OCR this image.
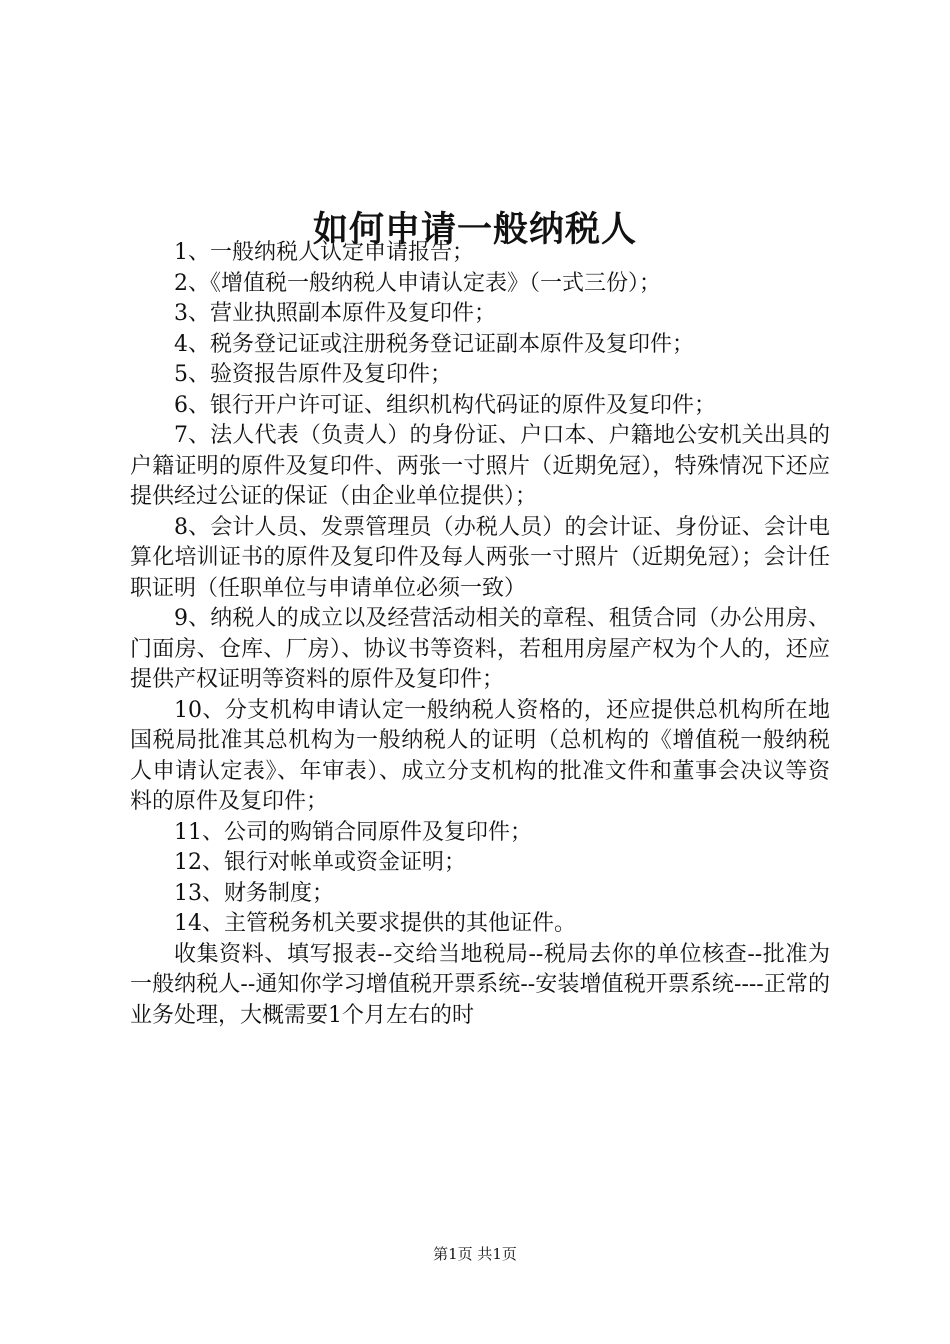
如何申请一般纳税人

1、一般纳税人认定申请报告；

2、《增值税一般纳税人申请认定表》（一式三份）；

3、营业执照副本原件及复印件；

4、税务登记证或注册税务登记证副本原件及复印件；

5、验资报告原件及复印件；

6、银行开户许可证、组织机构代码证的原件及复印件；

7、法人代表（负责人）的身份证、户口本、户籍地公安机关出具的户籍证明的原件及复印件、两张一寸照片（近期免冠），特殊情况下还应提供经过公证的保证（由企业单位提供）；

8、会计人员、发票管理员（办税人员）的会计证、身份证、会计电算化培训证书的原件及复印件及每人两张一寸照片（近期免冠）；会计任职证明（任职单位与申请单位必须一致）

9、纳税人的成立以及经营活动相关的章程、租赁合同（办公用房、门面房、仓库、厂房）、协议书等资料，若租用房屋产权为个人的，还应提供产权证明等资料的原件及复印件；

10、分支机构申请认定一般纳税人资格的，还应提供总机构所在地国税局批准其总机构为一般纳税人的证明（总机构的《增值税一般纳税人申请认定表》、年审表）、成立分支机构的批准文件和董事会决议等资料的原件及复印件；

11、公司的购销合同原件及复印件；

12、银行对帐单或资金证明；

13、财务制度；

14、主管税务机关要求提供的其他证件。

收集资料、填写报表--交给当地税局--税局去你的单位核查--批准为一般纳税人--通知你学习增值税开票系统--安装增值税开票系统----正常的业务处理，大概需要1个月左右的时

第1页 共1页
